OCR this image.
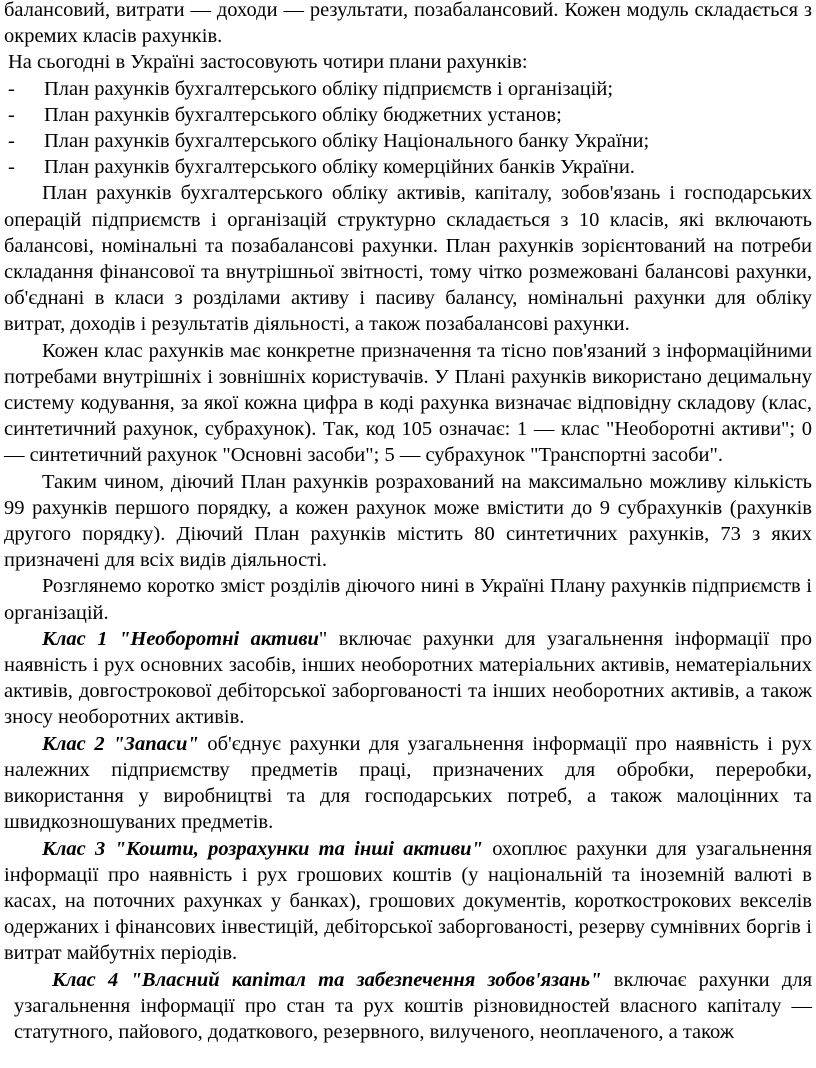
балансовий, витрати — доходи — результати, позабалансовий. Кожен модуль складається з окремих класів рахунків.

На сьогодні в Україні застосовують чотири плани рахунків:

-	План рахунків бухгалтерського обліку підприємств і організацій;
-	План рахунків бухгалтерського обліку бюджетних установ;
-	План рахунків бухгалтерського обліку Національного банку України;
-	План рахунків бухгалтерського обліку комерційних банків України.

План рахунків бухгалтерського обліку активів, капіталу, зобов'язань і господарських операцій підприємств і організацій структурно складається з 10 класів, які включають балансові, номінальні та позабалансові рахунки. План рахунків зорієнтований на потреби складання фінансової та внутрішньої звітності, тому чітко розмежовані балансові рахунки, об'єднані в класи з розділами активу і пасиву балансу, номінальні рахунки для обліку витрат, доходів і результатів діяльності, а також позабалансові рахунки.

Кожен клас рахунків має конкретне призначення та тісно пов'язаний з інформаційними потребами внутрішніх і зовнішніх користувачів. У Плані рахунків використано децимальну систему кодування, за якої кожна цифра в коді рахунка визначає відповідну складову (клас, синтетичний рахунок, субрахунок). Так, код 105 означає: 1 — клас "Необоротні активи"; 0 — синтетичний рахунок "Основні засоби"; 5 — субрахунок "Транспортні засоби".

Таким чином, діючий План рахунків розрахований на максимально можливу кількість 99 рахунків першого порядку, а кожен рахунок може вмістити до 9 субрахунків (рахунків другого порядку). Діючий План рахунків містить 80 синтетичних рахунків, 73 з яких призначені для всіх видів діяльності.

Розглянемо коротко зміст розділів діючого нині в Україні Плану рахунків підприємств і організацій.

Клас 1 "Необоротні активи" включає рахунки для узагальнення інформації про наявність і рух основних засобів, інших необоротних матеріальних активів, нематеріальних активів, довгострокової дебіторської заборгованості та інших необоротних активів, а також зносу необоротних активів.

Клас 2 "Запаси" об'єднує рахунки для узагальнення інформації про наявність і рух належних підприємству предметів праці, призначених для обробки, переробки, використання у виробництві та для господарських потреб, а також малоцінних та швидкозношуваних предметів.

Клас 3 "Кошти, розрахунки та інші активи" охоплює рахунки для узагальнення інформації про наявність і рух грошових коштів (у національній та іноземній валюті в касах, на поточних рахунках у банках), грошових документів, короткострокових векселів одержаних і фінансових інвестицій, дебіторської заборгованості, резерву сумнівних боргів і витрат майбутніх періодів.

Клас 4 "Власний капітал та забезпечення зобов'язань" включає рахунки для узагальнення інформації про стан та рух коштів різновидностей власного капіталу — статутного, пайового, додаткового, резервного, вилученого, неоплаченого, а також
